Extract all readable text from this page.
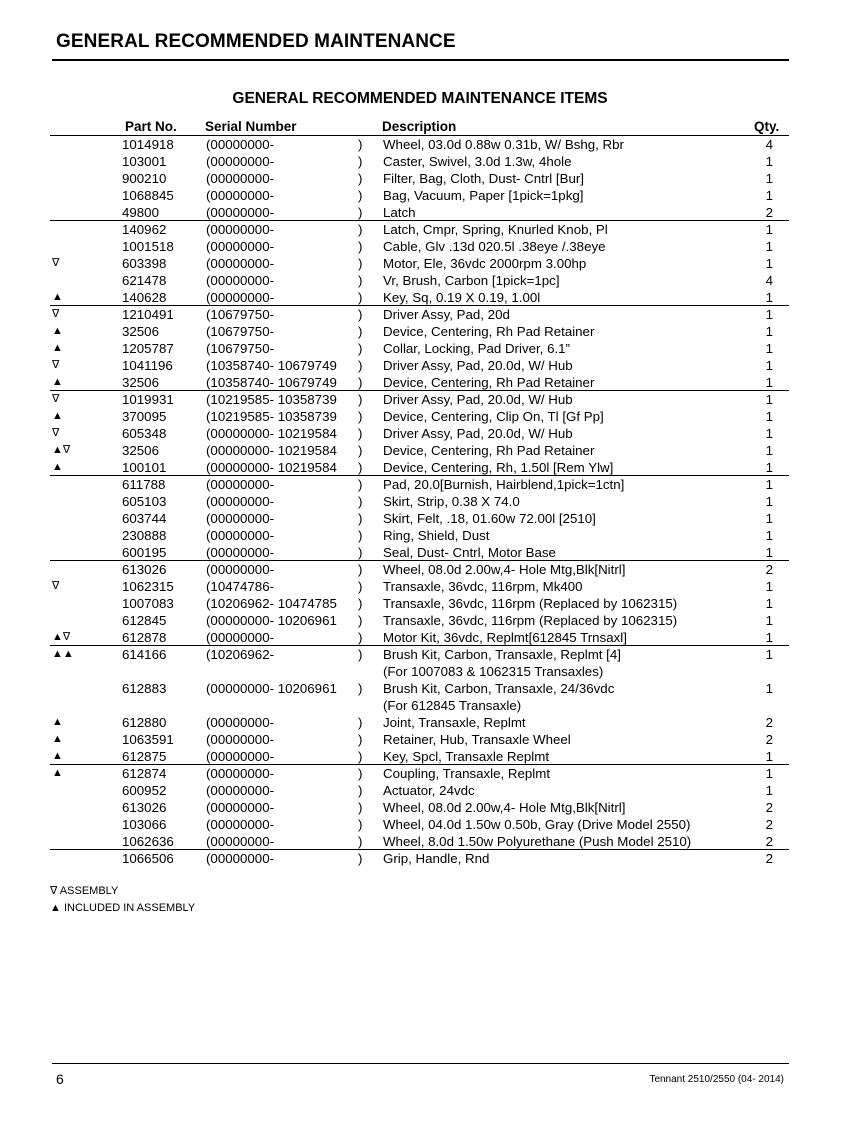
GENERAL RECOMMENDED MAINTENANCE
GENERAL RECOMMENDED MAINTENANCE ITEMS
Part No. Serial Number	Description	Qty.
1014918 (00000000-	) Wheel, 03.0d 0.88w 0.31b, W/ Bshg, Rbr	4
103001	(00000000-	) Caster, Swivel, 3.0d 1.3w, 4hole	1
900210	(00000000-	) Filter, Bag, Cloth, Dust- Cntrl [Bur]	1
1068845 (00000000-	) Bag, Vacuum, Paper [1pick=1pkg]	1
49800	(00000000-	) Latch	2
140962	(00000000-	) Latch, Cmpr, Spring, Knurled Knob, Pl	1
1001518 (00000000-	) Cable, Glv .13d 020.5l .38eye /.38eye	1
∇	603398	(00000000-	) Motor, Ele, 36vdc 2000rpm 3.00hp	1
621478	(00000000-	) Vr, Brush, Carbon [1pick=1pc]	4
▲	140628	(00000000-	) Key, Sq, 0.19 X 0.19, 1.00l	1
∇	1210491 (10679750-	) Driver Assy, Pad, 20d	1
▲	32506	(10679750-	) Device, Centering, Rh Pad Retainer	1
▲	1205787 (10679750-	) Collar, Locking, Pad Driver, 6.1”	1
∇	1041196 (10358740- 10679749 ) Driver Assy, Pad, 20.0d, W/ Hub	1
▲	32506	(10358740- 10679749 ) Device, Centering, Rh Pad Retainer	1
∇	1019931 (10219585- 10358739 ) Driver Assy, Pad, 20.0d, W/ Hub	1
▲	370095	(10219585- 10358739 ) Device, Centering, Clip On, Tl [Gf Pp]	1
∇	605348	(00000000- 10219584 ) Driver Assy, Pad, 20.0d, W/ Hub	1
▲∇	32506	(00000000- 10219584 ) Device, Centering, Rh Pad Retainer	1
▲	100101	(00000000- 10219584 ) Device, Centering, Rh, 1.50l [Rem Ylw]	1
611788	(00000000-	) Pad, 20.0[Burnish, Hairblend,1pick=1ctn]	1
605103	(00000000-	) Skirt, Strip, 0.38 X 74.0	1
603744	(00000000-	) Skirt, Felt, .18, 01.60w 72.00l [2510]	1
230888	(00000000-	) Ring, Shield, Dust	1
600195	(00000000-	) Seal, Dust- Cntrl, Motor Base	1
613026	(00000000-	) Wheel, 08.0d 2.00w,4- Hole Mtg,Blk[Nitrl]	2
∇	1062315 (10474786-	) Transaxle, 36vdc, 116rpm, Mk400	1
1007083 (10206962- 10474785 ) Transaxle, 36vdc, 116rpm (Replaced by 1062315)	1
612845	(00000000- 10206961 ) Transaxle, 36vdc, 116rpm (Replaced by 1062315)	1
▲∇	612878	(00000000-	) Motor Kit, 36vdc, Replmt[612845 Trnsaxl]	1
▲▲	614166	(10206962-	) Brush Kit, Carbon, Transaxle, Replmt [4]	1
(For 1007083 & 1062315 Transaxles)
612883	(00000000- 10206961 ) Brush Kit, Carbon, Transaxle, 24/36vdc	1
(For 612845 Transaxle)
▲	612880	(00000000-	) Joint, Transaxle, Replmt	2
▲	1063591 (00000000-	) Retainer, Hub, Transaxle Wheel	2
▲	612875	(00000000-	) Key, Spcl, Transaxle Replmt	1
▲	612874	(00000000-	) Coupling, Transaxle, Replmt	1
600952	(00000000-	) Actuator, 24vdc	1
613026	(00000000-	) Wheel, 08.0d 2.00w,4- Hole Mtg,Blk[Nitrl]	2
103066	(00000000-	) Wheel, 04.0d 1.50w 0.50b, Gray (Drive Model 2550)	2
1062636 (00000000-	) Wheel, 8.0d 1.50w Polyurethane (Push Model 2510)	2
1066506 (00000000-	) Grip, Handle, Rnd	2
∇ ASSEMBLY
▲ INCLUDED IN ASSEMBLY
6	Tennant 2510/2550 (04- 2014)
